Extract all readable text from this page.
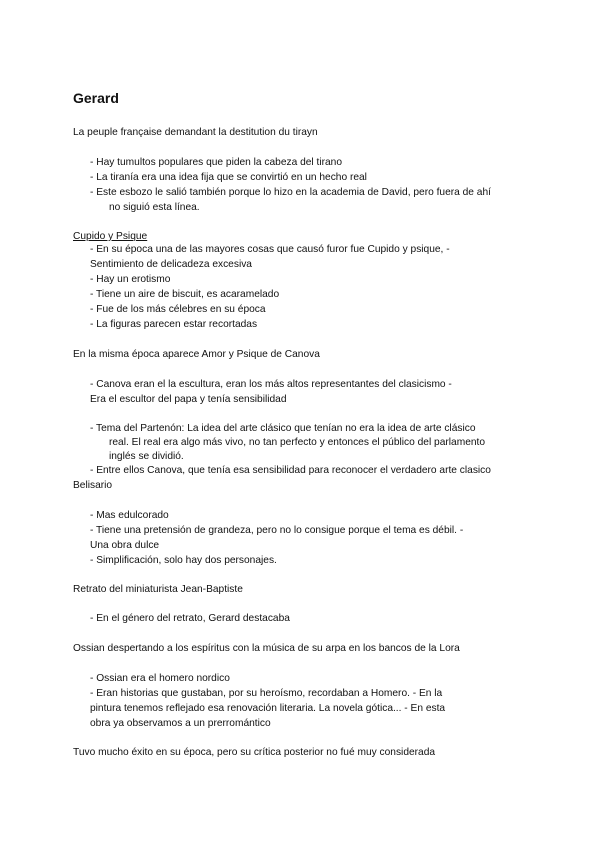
Gerard

La peuple française demandant la destitution du tirayn

- Hay tumultos populares que piden la cabeza del tirano

- La tiranía era una idea fija que se convirtió en un hecho real

- Este esbozo le salió también porque lo hizo en la academia de David, pero fuera de ahí

no siguió esta línea.

Cupido y Psique

- En su época una de las mayores cosas que causó furor fue Cupido y psique, -

Sentimiento de delicadeza excesiva

- Hay un erotismo

- Tiene un aire de biscuit, es acaramelado

- Fue de los más célebres en su época

- La figuras parecen estar recortadas

En la misma época aparece Amor y Psique de Canova

- Canova eran el la escultura, eran los más altos representantes del clasicismo -

Era el escultor del papa y tenía sensibilidad

- Tema del Partenón: La idea del arte clásico que tenían no era la idea de arte clásico

real. El real era algo más vivo, no tan perfecto y entonces el público del parlamento

inglés se dividió.

- Entre ellos Canova, que tenía esa sensibilidad para reconocer el verdadero arte clasico

Belisario

- Mas edulcorado

- Tiene una pretensión de grandeza, pero no lo consigue porque el tema es débil. -

Una obra dulce

- Simplificación, solo hay dos personajes.

Retrato del miniaturista Jean-Baptiste

- En el género del retrato, Gerard destacaba

Ossian despertando a los espíritus con la música de su arpa en los bancos de la Lora

- Ossian era el homero nordico

- Eran historias que gustaban, por su heroísmo, recordaban a Homero. - En la

pintura tenemos reflejado esa renovación literaria. La novela gótica... - En esta

obra ya observamos a un prerromántico

Tuvo mucho éxito en su época, pero su crítica posterior no fué muy considerada
